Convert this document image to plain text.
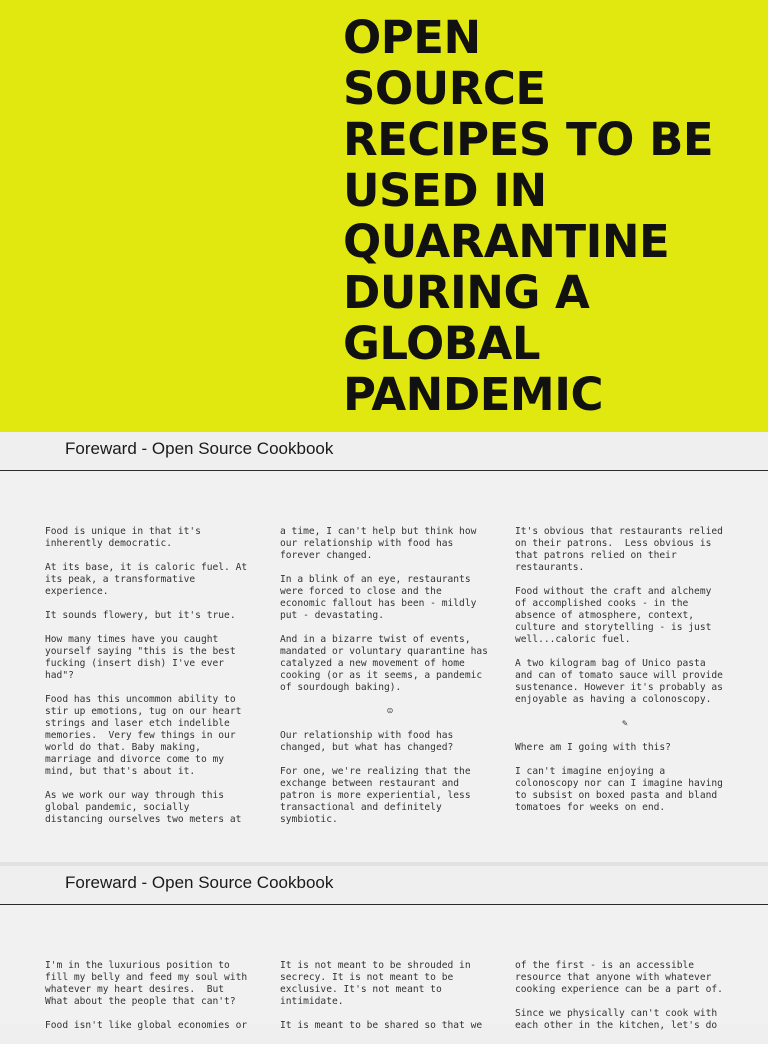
OPEN
SOURCE
RECIPES TO BE
USED IN
QUARANTINE
DURING A
GLOBAL
PANDEMIC
Foreward - Open Source Cookbook

Food is unique in that it's
inherently democratic.

At its base, it is caloric fuel. At
its peak, a transformative
experience.

It sounds flowery, but it's true.

How many times have you caught
yourself saying "this is the best
fucking (insert dish) I've ever
had"?

Food has this uncommon ability to
stir up emotions, tug on our heart
strings and laser etch indelible
memories.  Very few things in our
world do that. Baby making,
marriage and divorce come to my
mind, but that's about it.

As we work our way through this
global pandemic, socially
distancing ourselves two meters at

a time, I can't help but think how
our relationship with food has
forever changed.

In a blink of an eye, restaurants
were forced to close and the
economic fallout has been - mildly
put - devastating.

And in a bizarre twist of events,
mandated or voluntary quarantine has
catalyzed a new movement of home
cooking (or as it seems, a pandemic
of sourdough baking).

☺

Our relationship with food has
changed, but what has changed?

For one, we're realizing that the
exchange between restaurant and
patron is more experiential, less
transactional and definitely
symbiotic.

It's obvious that restaurants relied
on their patrons.  Less obvious is
that patrons relied on their
restaurants.

Food without the craft and alchemy
of accomplished cooks - in the
absence of atmosphere, context,
culture and storytelling - is just
well...caloric fuel.

A two kilogram bag of Unico pasta
and can of tomato sauce will provide
sustenance. However it's probably as
enjoyable as having a colonoscopy.

✎

Where am I going with this?

I can't imagine enjoying a
colonoscopy nor can I imagine having
to subsist on boxed pasta and bland
tomatoes for weeks on end.

Foreward - Open Source Cookbook

I'm in the luxurious position to
fill my belly and feed my soul with
whatever my heart desires.  But
What about the people that can't?

Food isn't like global economies or

It is not meant to be shrouded in
secrecy. It is not meant to be
exclusive. It's not meant to
intimidate.

It is meant to be shared so that we

of the first - is an accessible
resource that anyone with whatever
cooking experience can be a part of.

Since we physically can't cook with
each other in the kitchen, let's do
